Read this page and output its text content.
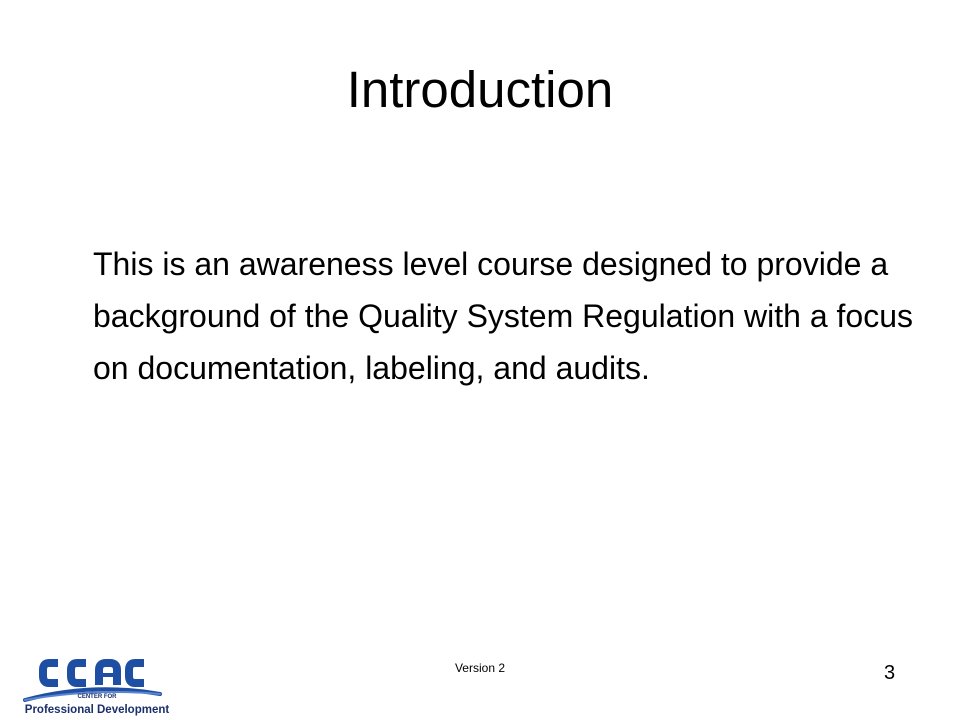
Introduction

This is an awareness level course designed to provide a background of the Quality System Regulation with a focus on documentation, labeling, and audits.

CENTER FOR
Professional Development
Version 2	3
